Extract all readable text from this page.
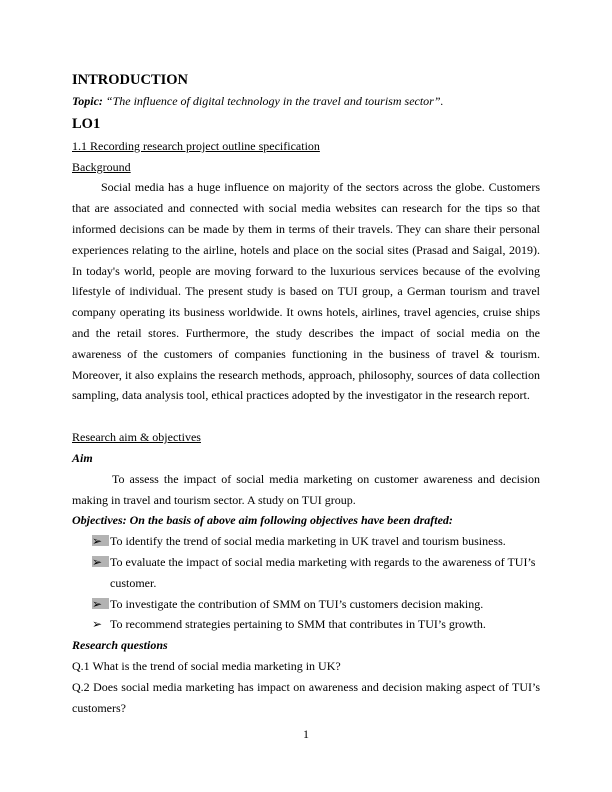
INTRODUCTION

Topic: “The influence of digital technology in the travel and tourism sector”.

LO1

1.1 Recording research project outline specification

Background

Social media has a huge influence on majority of the sectors across the globe. Customers that are associated and connected with social media websites can research for the tips so that informed decisions can be made by them in terms of their travels. They can share their personal experiences relating to the airline, hotels and place on the social sites (Prasad and Saigal, 2019). In today's world, people are moving forward to the luxurious services because of the evolving lifestyle of individual. The present study is based on TUI group, a German tourism and travel company operating its business worldwide. It owns hotels, airlines, travel agencies, cruise ships and the retail stores. Furthermore, the study describes the impact of social media on the awareness of the customers of companies functioning in the business of travel & tourism. Moreover, it also explains the research methods, approach, philosophy, sources of data collection sampling, data analysis tool, ethical practices adopted by the investigator in the research report.

Research aim & objectives

Aim

To assess the impact of social media marketing on customer awareness and decision making in travel and tourism sector. A study on TUI group.

Objectives: On the basis of above aim following objectives have been drafted:

➢ To identify the trend of social media marketing in UK travel and tourism business.
➢ To evaluate the impact of social media marketing with regards to the awareness of TUI’s customer.
➢ To investigate the contribution of SMM on TUI’s customers decision making.
➢ To recommend strategies pertaining to SMM that contributes in TUI’s growth.

Research questions

Q.1 What is the trend of social media marketing in UK?

Q.2 Does social media marketing has impact on awareness and decision making aspect of TUI’s customers?

1
